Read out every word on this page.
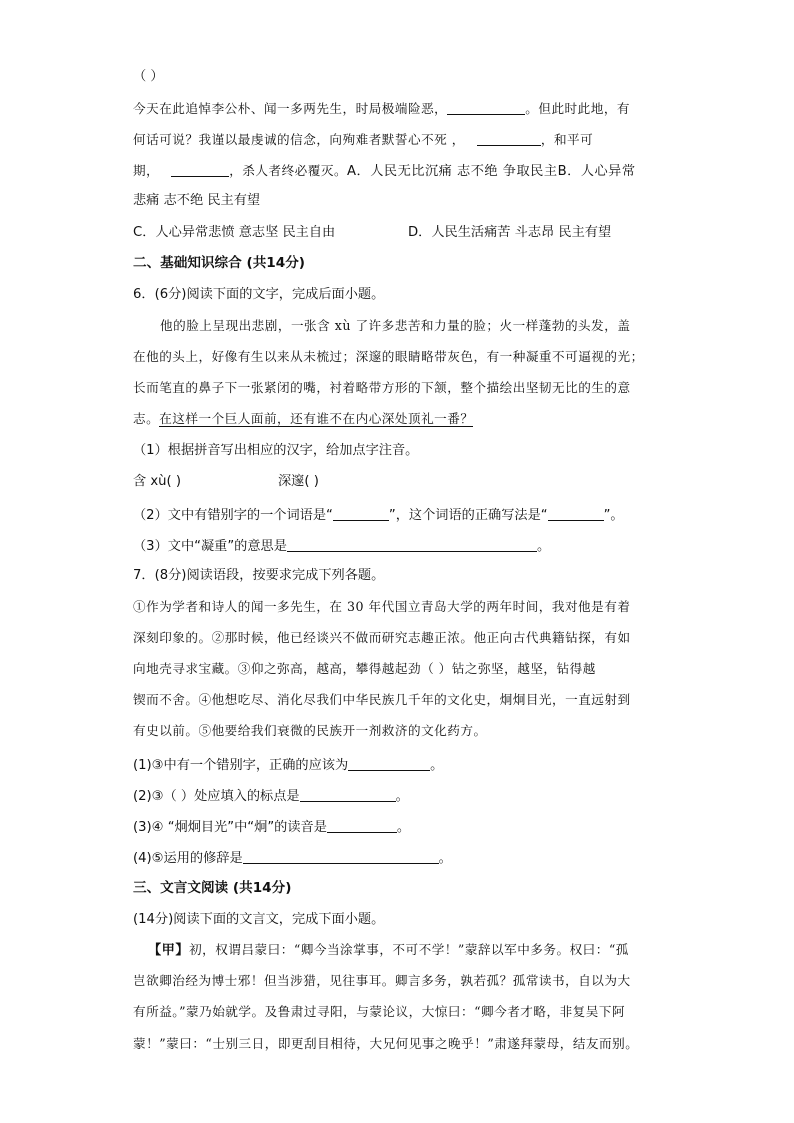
（ ）
今天在此追悼李公朴、闻一多两先生，时局极端险恶，	。但此时此地，有
何话可说？我谨以最虔诚的信念，向殉难者默誓心不死 ，	，和平可
期，	，杀人者终必覆灭。A．人民无比沉痛 志不绝 争取民主B．人心异常
悲痛 志不绝 民主有望
C．人心异常悲愤 意志坚 民主自由	D．人民生活痛苦 斗志昂 民主有望
二、基础知识综合 (共14分)
6．(6分)阅读下面的文字，完成后面小题。
他的脸上呈现出悲剧，一张含 xù 了许多悲苦和力量的脸；火一样蓬勃的头发，盖
在他的头上，好像有生以来从未梳过；深邃的眼睛略带灰色，有一种凝重不可逼视的光；
长而笔直的鼻子下一张紧闭的嘴，衬着略带方形的下颔，整个描绘出坚韧无比的生的意
志。在这样一个巨人面前，还有谁不在内心深处顶礼一番？
（1）根据拼音写出相应的汉字，给加点字注音。
含 xù( )	深邃( )
（2）文中有错别字的一个词语是“	”，这个词语的正确写法是“	”。
（3）文中“凝重”的意思是	。
7．(8分)阅读语段，按要求完成下列各题。
①作为学者和诗人的闻一多先生，在 30 年代国立青岛大学的两年时间，我对他是有着
深刻印象的。②那时候，他已经谈兴不做而研究志趣正浓。他正向古代典籍钻探，有如
向地壳寻求宝藏。③仰之弥高，越高，攀得越起劲（ ）钻之弥坚，越坚，钻得越
锲而不舍。④他想吃尽、消化尽我们中华民族几千年的文化史，炯炯目光，一直远射到
有史以前。⑤他要给我们衰微的民族开一剂救济的文化药方。
(1)③中有一个错别字，正确的应该为	。
(2)③（ ）处应填入的标点是	。
(3)④ “炯炯目光”中“炯”的读音是	。
(4)⑤运用的修辞是	。
三、文言文阅读 (共14分)
(14分)阅读下面的文言文，完成下面小题。
【甲】初，权谓吕蒙曰：“卿今当涂掌事，不可不学！”蒙辞以军中多务。权曰：“孤
岂欲卿治经为博士邪！但当涉猎，见往事耳。卿言多务，孰若孤？孤常读书，自以为大
有所益。”蒙乃始就学。及鲁肃过寻阳，与蒙论议，大惊曰：“卿今者才略，非复吴下阿
蒙！”蒙曰：“士别三日，即更刮目相待，大兄何见事之晚乎！”肃遂拜蒙母，结友而别。
